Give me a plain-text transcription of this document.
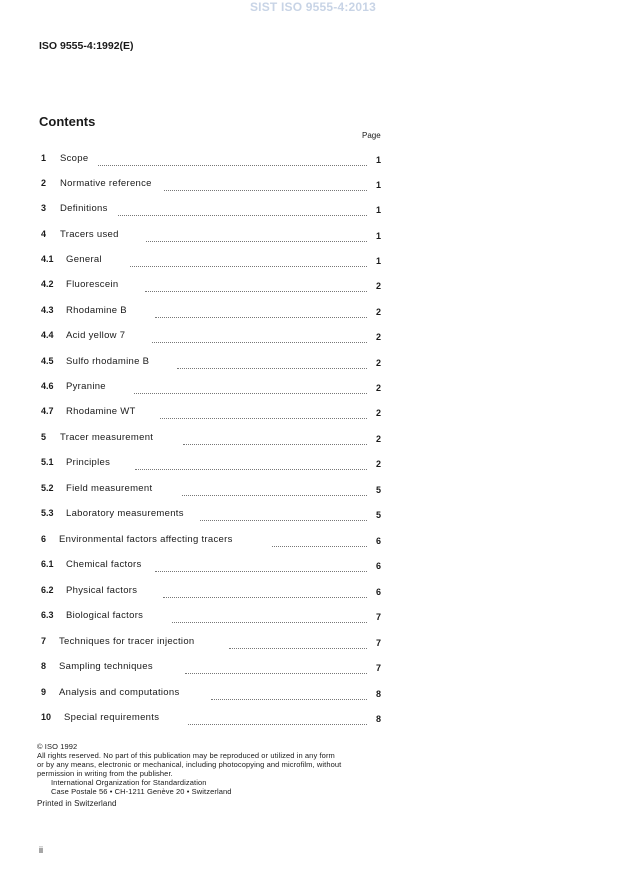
SIST ISO 9555-4:2013
ISO 9555-4:1992(E)
Contents
Page
1 Scope	1
2 Normative reference	1
3 Definitions	1
4 Tracers used	1
4.1 General	1
4.2 Fluorescein	2
4.3 Rhodamine B	2
4.4 Acid yellow 7	2
4.5 Sulfo rhodamine B	2
4.6 Pyranine	2
4.7 Rhodamine WT	2
5 Tracer measurement	2
5.1 Principles	2
5.2 Field measurement	5
5.3 Laboratory measurements	5
6 Environmental factors affecting tracers	6
6.1 Chemical factors	6
6.2 Physical factors	6
6.3 Biological factors	7
7 Techniques for tracer injection	7
8 Sampling techniques	7
9 Analysis and computations	8
10 Special requirements	8
© ISO 1992
All rights reserved. No part of this publication may be reproduced or utilized in any form
or by any means, electronic or mechanical, including photocopying and microfilm, without
permission in writing from the publisher.
International Organization for Standardization
Case Postale 56 • CH-1211 Genève 20 • Switzerland
Printed in Switzerland
ii
